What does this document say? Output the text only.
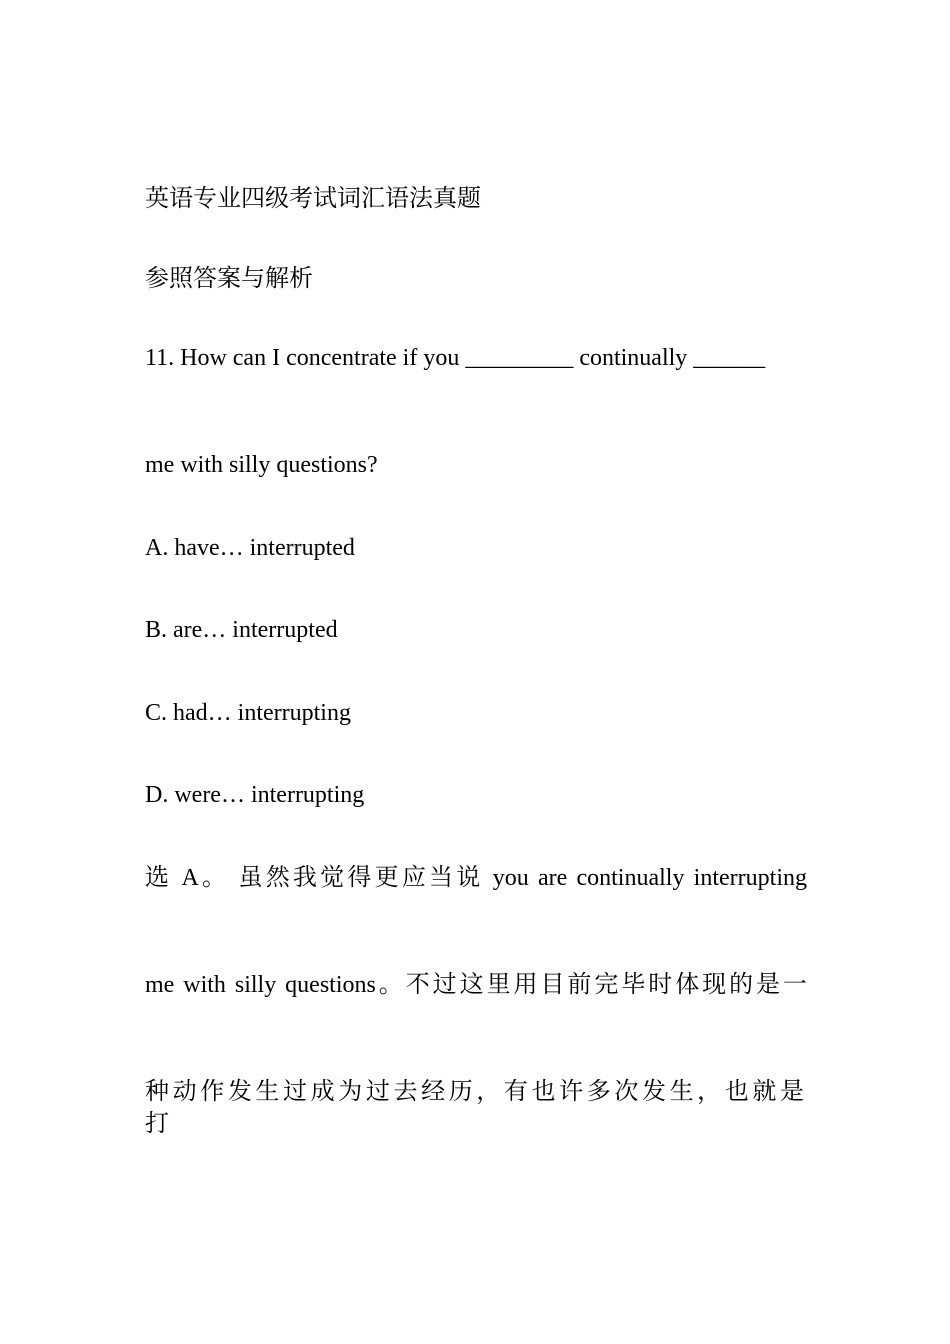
英语专业四级考试词汇语法真题
参照答案与解析
11. How can I concentrate if you _________ continually ______
me with silly questions?
A. have… interrupted
B. are… interrupted
C. had… interrupting
D. were… interrupting
选 A。 虽然我觉得更应当说 you are continually interrupting
me with silly questions。不过这里用目前完毕时体现的是一
种动作发生过成为过去经历，有也许多次发生，也就是打
